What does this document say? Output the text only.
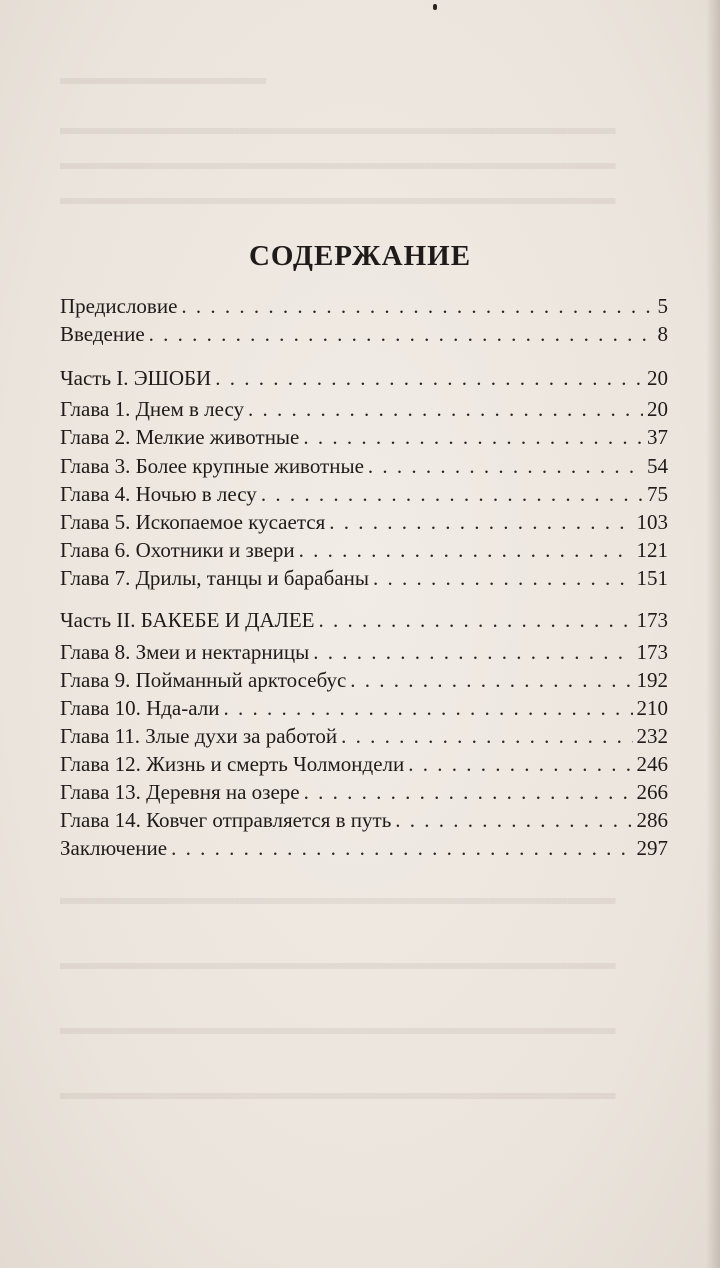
▂▂▂▂▂▂▂▂▂▂▂▂▂
▂▂▂▂▂▂▂▂▂▂▂▂▂▂▂▂▂▂▂▂▂▂▂▂▂▂▂▂▂▂▂▂▂▂▂
▂▂▂▂▂▂▂▂▂▂▂▂▂▂▂▂▂▂▂▂▂▂▂▂▂▂▂▂▂▂▂▂▂▂▂
▂▂▂▂▂▂▂▂▂▂▂▂▂▂▂▂▂▂▂▂▂▂▂▂▂▂▂▂▂▂▂▂▂▂▂
▂▂▂▂▂▂▂▂▂▂▂▂▂▂▂▂▂▂▂▂▂▂▂▂▂▂▂▂▂▂▂▂▂▂▂
▂▂▂▂▂▂▂▂▂▂▂▂▂▂▂▂▂▂▂▂▂▂▂▂▂▂▂▂▂▂▂▂▂▂▂
▂▂▂▂▂▂▂▂▂▂▂▂▂▂▂▂▂▂▂▂▂▂▂▂▂▂▂▂▂▂▂▂▂▂▂
▂▂▂▂▂▂▂▂▂▂▂▂▂▂▂▂▂▂▂▂▂▂▂▂▂▂▂▂▂▂▂▂▂▂▂
СОДЕРЖАНИЕ
Предисловие . . .	5
Введение . . .	8
Часть I. ЭШОБИ . . .	20
Глава 1. Днем в лесу . . .	20
Глава 2. Мелкие животные . . .	37
Глава 3. Более крупные животные . . .	54
Глава 4. Ночью в лесу . . .	75
Глава 5. Ископаемое кусается . . .	103
Глава 6. Охотники и звери . . .	121
Глава 7. Дрилы, танцы и барабаны . . .	151
Часть II. БАКЕБЕ И ДАЛЕЕ . . .	173
Глава 8. Змеи и нектарницы . . .	173
Глава 9. Пойманный арктосебус . . .	192
Глава 10. Нда-али . . .	210
Глава 11. Злые духи за работой . . .	232
Глава 12. Жизнь и смерть Чолмондели . . .	246
Глава 13. Деревня на озере . . .	266
Глава 14. Ковчег отправляется в путь . . .	286
Заключение . . .	297
